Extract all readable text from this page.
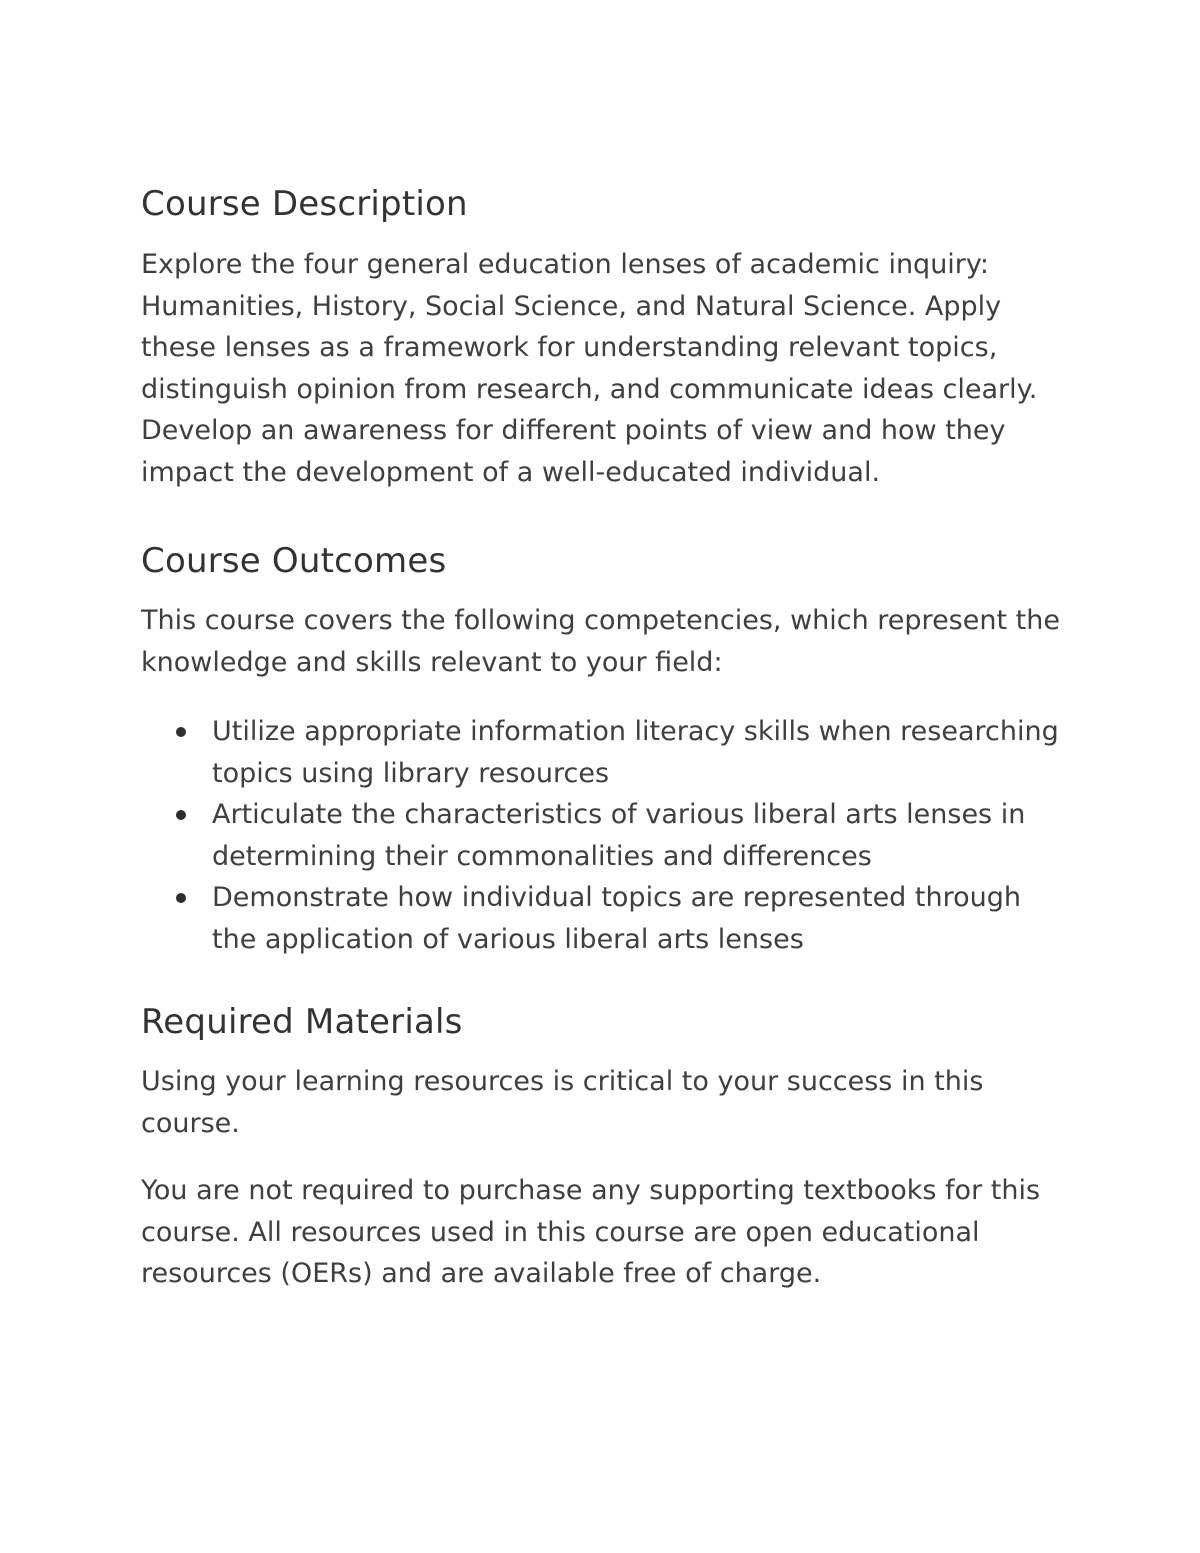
Course Description

Explore the four general education lenses of academic inquiry: Humanities, History, Social Science, and Natural Science. Apply these lenses as a framework for understanding relevant topics, distinguish opinion from research, and communicate ideas clearly. Develop an awareness for different points of view and how they impact the development of a well-educated individual.

Course Outcomes

This course covers the following competencies, which represent the knowledge and skills relevant to your field:

Utilize appropriate information literacy skills when researching topics using library resources
Articulate the characteristics of various liberal arts lenses in determining their commonalities and differences
Demonstrate how individual topics are represented through the application of various liberal arts lenses
Required Materials

Using your learning resources is critical to your success in this course.

You are not required to purchase any supporting textbooks for this course. All resources used in this course are open educational resources (OERs) and are available free of charge.
